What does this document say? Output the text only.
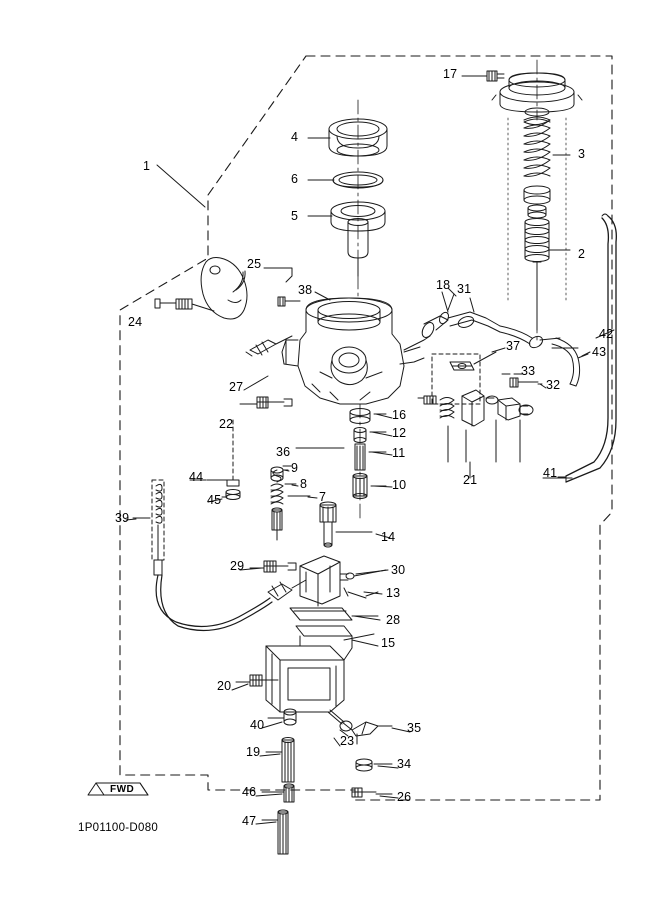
1
2
3
4
5
6
7
8
9
10
11
12
13
14
15
16
17
18
19
20
21
22
23
24
25
26
27
28
29	30
31
32
33
34
35
36
37
38
39
40
41
42
43
44
45
46
47
FWD
1P01100-D080
